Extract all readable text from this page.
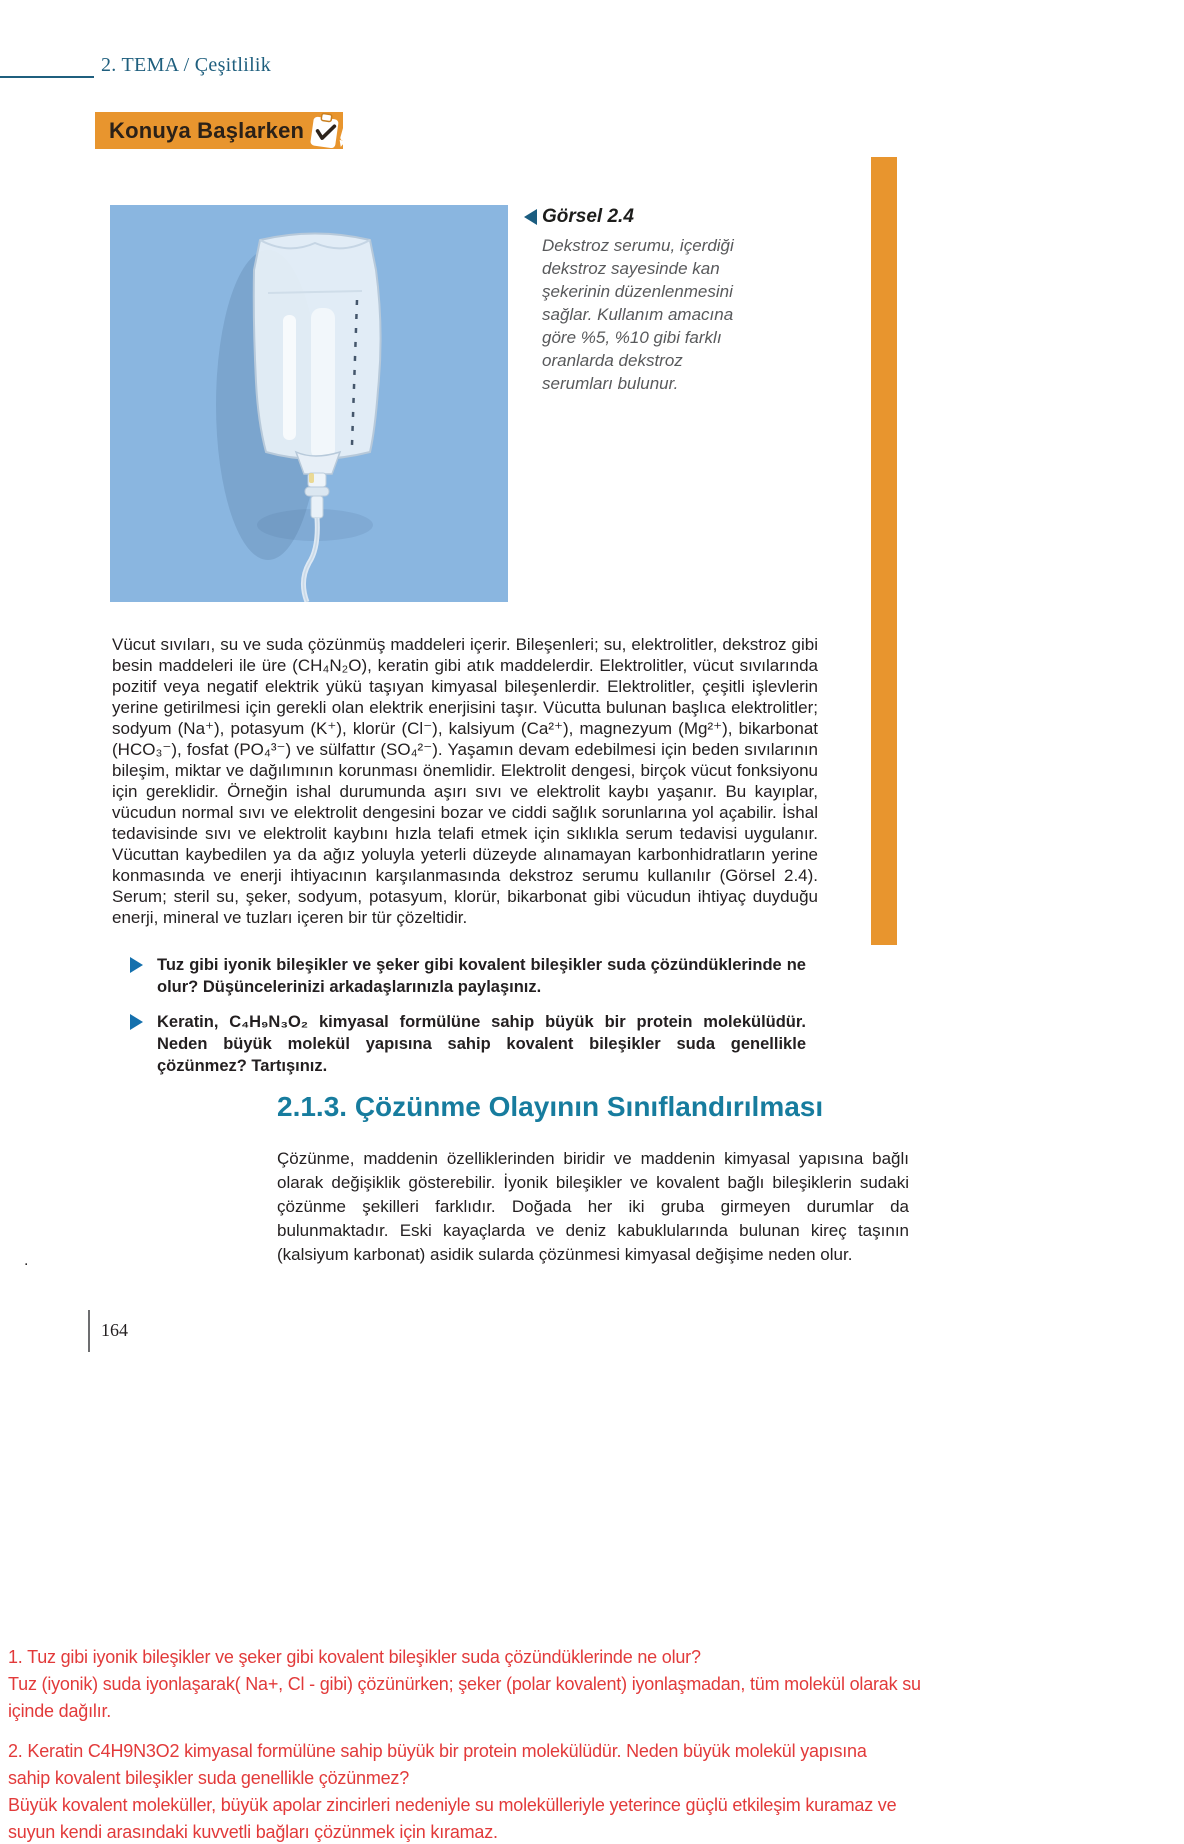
2. TEMA / Çeşitlilik
Konuya Başlarken
Görsel 2.4
Dekstroz serumu, içerdiği
dekstroz sayesinde kan
şekerinin düzenlenmesini
sağlar. Kullanım amacına
göre %5, %10 gibi farklı
oranlarda dekstroz
serumları bulunur.
Vücut sıvıları, su ve suda çözünmüş maddeleri içerir. Bileşenleri; su, elektrolitler, dekstroz gibi besin maddeleri ile üre (CH₄N₂O), keratin gibi atık maddelerdir. Elektrolitler, vücut sıvılarında pozitif veya negatif elektrik yükü taşıyan kimyasal bileşenlerdir. Elektrolitler, çeşitli işlevlerin yerine getirilmesi için gerekli olan elektrik enerjisini taşır. Vücutta bulunan başlıca elektrolitler; sodyum (Na⁺), potasyum (K⁺), klorür (Cl⁻), kalsiyum (Ca²⁺), magnezyum (Mg²⁺), bikarbonat (HCO₃⁻), fosfat (PO₄³⁻) ve sülfattır (SO₄²⁻). Yaşamın devam edebilmesi için beden sıvılarının bileşim, miktar ve dağılımının korunması önemlidir. Elektrolit dengesi, birçok vücut fonksiyonu için gereklidir. Örneğin ishal durumunda aşırı sıvı ve elektrolit kaybı yaşanır. Bu kayıplar, vücudun normal sıvı ve elektrolit dengesini bozar ve ciddi sağlık sorunlarına yol açabilir. İshal tedavisinde sıvı ve elektrolit kaybını hızla telafi etmek için sıklıkla serum tedavisi uygulanır. Vücuttan kaybedilen ya da ağız yoluyla yeterli düzeyde alınamayan karbonhidratların yerine konmasında ve enerji ihtiyacının karşılanmasında dekstroz serumu kullanılır (Görsel 2.4). Serum; steril su, şeker, sodyum, potasyum, klorür, bikarbonat gibi vücudun ihtiyaç duyduğu enerji, mineral ve tuzları içeren bir tür çözeltidir.
Tuz gibi iyonik bileşikler ve şeker gibi kovalent bileşikler suda çözündüklerinde ne olur? Düşüncelerinizi arkadaşlarınızla paylaşınız.
Keratin, C₄H₉N₃O₂ kimyasal formülüne sahip büyük bir protein molekülüdür. Neden büyük molekül yapısına sahip kovalent bileşikler suda genellikle çözünmez? Tartışınız.
2.1.3. Çözünme Olayının Sınıflandırılması
Çözünme, maddenin özelliklerinden biridir ve maddenin kimyasal yapısına bağlı olarak değişiklik gösterebilir. İyonik bileşikler ve kovalent bağlı bileşiklerin sudaki çözünme şekilleri farklıdır. Doğada her iki gruba girmeyen durumlar da bulunmaktadır. Eski kayaçlarda ve deniz kabuklularında bulunan kireç taşının (kalsiyum karbonat) asidik sularda çözünmesi kimyasal değişime neden olur.
.
164
1. Tuz gibi iyonik bileşikler ve şeker gibi kovalent bileşikler suda çözündüklerinde ne olur?
Tuz (iyonik) suda iyonlaşarak( Na+, Cl - gibi) çözünürken; şeker (polar kovalent) iyonlaşmadan, tüm molekül olarak su
içinde dağılır.
2. Keratin C4H9N3O2 kimyasal formülüne sahip büyük bir protein molekülüdür. Neden büyük molekül yapısına
sahip kovalent bileşikler suda genellikle çözünmez?
Büyük kovalent moleküller, büyük apolar zincirleri nedeniyle su molekülleriyle yeterince güçlü etkileşim kuramaz ve
suyun kendi arasındaki kuvvetli bağları çözünmek için kıramaz.
